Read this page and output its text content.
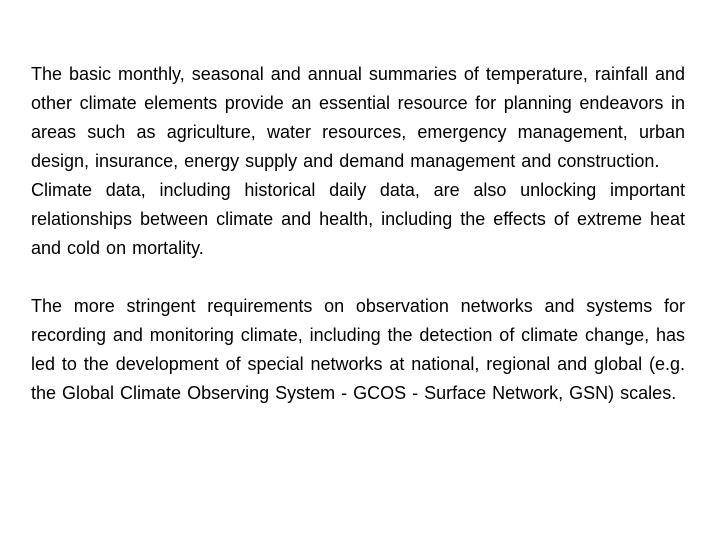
The basic monthly, seasonal and annual summaries of temperature, rainfall and other climate elements provide an essential resource for planning endeavors in areas such as agriculture, water resources, emergency management, urban design, insurance, energy supply and demand management and construction.

Climate data, including historical daily data, are also unlocking important relationships between climate and health, including the effects of extreme heat and cold on mortality.

The more stringent requirements on observation networks and systems for recording and monitoring climate, including the detection of climate change, has led to the development of special networks at national, regional and global (e.g. the Global Climate Observing System - GCOS - Surface Network, GSN) scales.
